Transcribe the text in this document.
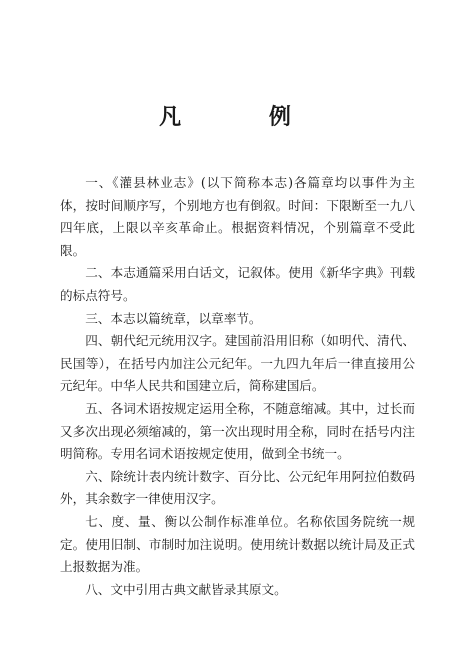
凡 例

一、《灌县林业志》(以下简称本志)各篇章均以事件为主体，按时间顺序写，个别地方也有倒叙。时间：下限断至一九八四年底，上限以辛亥革命止。根据资料情况，个别篇章不受此限。

二、本志通篇采用白话文，记叙体。使用《新华字典》刊载的标点符号。

三、本志以篇统章，以章率节。

四、朝代纪元统用汉字。建国前沿用旧称（如明代、清代、民国等），在括号内加注公元纪年。一九四九年后一律直接用公元纪年。中华人民共和国建立后，简称建国后。

五、各词术语按规定运用全称，不随意缩减。其中，过长而又多次出现必须缩减的，第一次出现时用全称，同时在括号内注明简称。专用名词术语按规定使用，做到全书统一。

六、除统计表内统计数字、百分比、公元纪年用阿拉伯数码外，其余数字一律使用汉字。

七、度、量、衡以公制作标准单位。名称依国务院统一规定。使用旧制、市制时加注说明。使用统计数据以统计局及正式上报数据为准。

八、文中引用古典文献皆录其原文。
